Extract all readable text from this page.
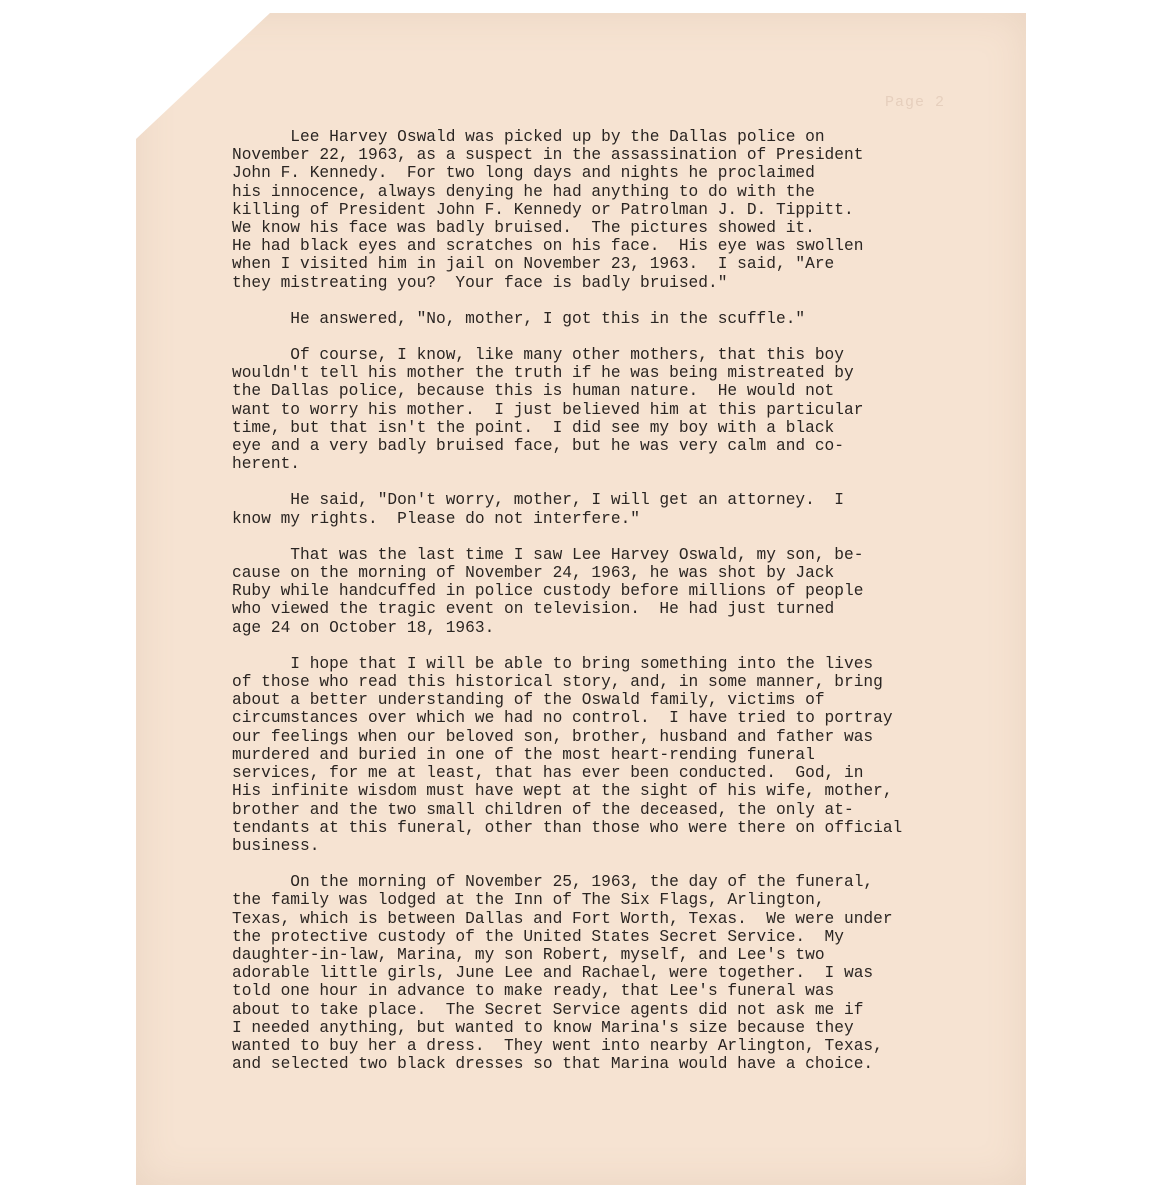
Page 2
Lee Harvey Oswald was picked up by the Dallas police on
November 22, 1963, as a suspect in the assassination of President
John F. Kennedy.  For two long days and nights he proclaimed
his innocence, always denying he had anything to do with the
killing of President John F. Kennedy or Patrolman J. D. Tippitt.
We know his face was badly bruised.  The pictures showed it.
He had black eyes and scratches on his face.  His eye was swollen
when I visited him in jail on November 23, 1963.  I said, "Are
they mistreating you?  Your face is badly bruised."
He answered, "No, mother, I got this in the scuffle."
Of course, I know, like many other mothers, that this boy
wouldn't tell his mother the truth if he was being mistreated by
the Dallas police, because this is human nature.  He would not
want to worry his mother.  I just believed him at this particular
time, but that isn't the point.  I did see my boy with a black
eye and a very badly bruised face, but he was very calm and co-
herent.
He said, "Don't worry, mother, I will get an attorney.  I
know my rights.  Please do not interfere."
That was the last time I saw Lee Harvey Oswald, my son, be-
cause on the morning of November 24, 1963, he was shot by Jack
Ruby while handcuffed in police custody before millions of people
who viewed the tragic event on television.  He had just turned
age 24 on October 18, 1963.
I hope that I will be able to bring something into the lives
of those who read this historical story, and, in some manner, bring
about a better understanding of the Oswald family, victims of
circumstances over which we had no control.  I have tried to portray
our feelings when our beloved son, brother, husband and father was
murdered and buried in one of the most heart-rending funeral
services, for me at least, that has ever been conducted.  God, in
His infinite wisdom must have wept at the sight of his wife, mother,
brother and the two small children of the deceased, the only at-
tendants at this funeral, other than those who were there on official
business.
On the morning of November 25, 1963, the day of the funeral,
the family was lodged at the Inn of The Six Flags, Arlington,
Texas, which is between Dallas and Fort Worth, Texas.  We were under
the protective custody of the United States Secret Service.  My
daughter-in-law, Marina, my son Robert, myself, and Lee's two
adorable little girls, June Lee and Rachael, were together.  I was
told one hour in advance to make ready, that Lee's funeral was
about to take place.  The Secret Service agents did not ask me if
I needed anything, but wanted to know Marina's size because they
wanted to buy her a dress.  They went into nearby Arlington, Texas,
and selected two black dresses so that Marina would have a choice.
